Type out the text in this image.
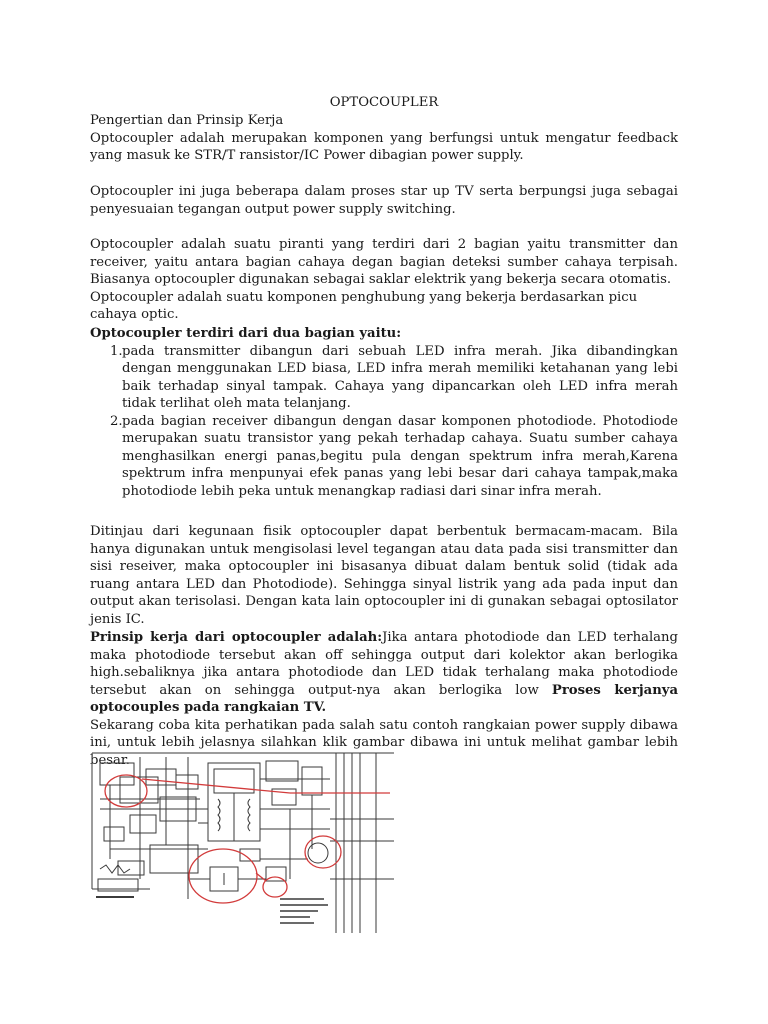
OPTOCOUPLER

Pengertian dan Prinsip Kerja

Optocoupler adalah merupakan komponen yang berfungsi untuk mengatur feedback yang masuk ke STR/T ransistor/IC Power dibagian power supply.

Optocoupler ini juga beberapa dalam proses star up TV serta berpungsi juga sebagai penyesuaian tegangan output power supply switching.

Optocoupler adalah suatu piranti yang terdiri dari 2 bagian yaitu transmitter dan receiver, yaitu antara bagian cahaya degan bagian deteksi sumber cahaya terpisah. Biasanya optocoupler digunakan sebagai saklar elektrik yang bekerja secara otomatis.

Optocoupler adalah suatu komponen penghubung yang bekerja berdasarkan picu cahaya optic.

Optocoupler terdiri dari dua bagian yaitu:

1. pada transmitter dibangun dari sebuah LED infra merah. Jika dibandingkan dengan menggunakan LED biasa, LED infra merah memiliki ketahanan yang lebi baik terhadap sinyal tampak. Cahaya yang dipancarkan oleh LED infra merah tidak terlihat oleh mata telanjang.
2. pada bagian receiver dibangun dengan dasar komponen photodiode. Photodiode merupakan suatu transistor yang pekah terhadap cahaya. Suatu sumber cahaya menghasilkan energi panas,begitu pula dengan spektrum infra merah,Karena spektrum infra menpunyai efek panas yang lebi besar dari cahaya tampak,maka photodiode lebih peka untuk menangkap radiasi dari sinar infra merah.

Ditinjau dari kegunaan fisik optocoupler dapat berbentuk bermacam-macam. Bila hanya digunakan untuk mengisolasi level tegangan atau data pada sisi transmitter dan sisi reseiver, maka optocoupler ini bisasanya dibuat dalam bentuk solid (tidak ada ruang antara LED dan Photodiode). Sehingga sinyal listrik yang ada pada input dan output akan terisolasi. Dengan kata lain optocoupler ini di gunakan sebagai optosilator jenis IC.

Prinsip kerja dari optocoupler adalah:Jika antara photodiode dan LED terhalang maka photodiode tersebut akan off sehingga output dari kolektor akan berlogika high.sebaliknya jika antara photodiode dan LED tidak terhalang maka photodiode tersebut akan on sehingga output-nya akan berlogika low Proses kerjanya optocouples pada rangkaian TV.

Sekarang coba kita perhatikan pada salah satu contoh rangkaian power supply dibawa ini, untuk lebih jelasnya silahkan klik gambar dibawa ini untuk melihat gambar lebih besar.
